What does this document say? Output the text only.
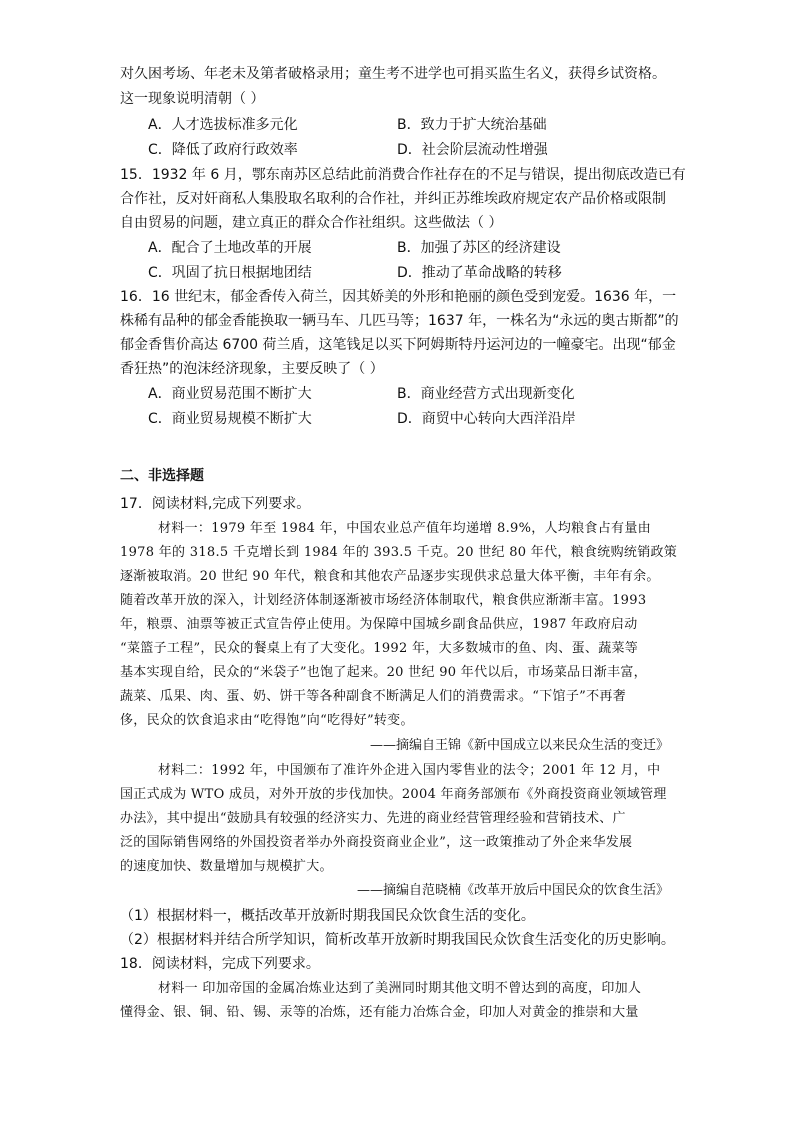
对久困考场、年老未及第者破格录用；童生考不进学也可捐买监生名义，获得乡试资格。
这一现象说明清朝（ ）
A．人才选拔标准多元化	B．致力于扩大统治基础
C．降低了政府行政效率	D．社会阶层流动性增强
15．1932 年 6 月，鄂东南苏区总结此前消费合作社存在的不足与错误，提出彻底改造已有
合作社，反对奸商私人集股取名取利的合作社，并纠正苏维埃政府规定农产品价格或限制
自由贸易的问题，建立真正的群众合作社组织。这些做法（ ）
A．配合了土地改革的开展	B．加强了苏区的经济建设
C．巩固了抗日根据地团结	D．推动了革命战略的转移
16．16 世纪末，郁金香传入荷兰，因其娇美的外形和艳丽的颜色受到宠爱。1636 年，一
株稀有品种的郁金香能换取一辆马车、几匹马等；1637 年，一株名为“永远的奥古斯都”的
郁金香售价高达 6700 荷兰盾，这笔钱足以买下阿姆斯特丹运河边的一幢豪宅。出现“郁金
香狂热”的泡沫经济现象，主要反映了（ ）
A．商业贸易范围不断扩大	B．商业经营方式出现新变化
C．商业贸易规模不断扩大	D．商贸中心转向大西洋沿岸
二、非选择题
17．阅读材料,完成下列要求。
材料一：1979 年至 1984 年，中国农业总产值年均递增 8.9%，人均粮食占有量由
1978 年的 318.5 千克增长到 1984 年的 393.5 千克。20 世纪 80 年代，粮食统购统销政策
逐渐被取消。20 世纪 90 年代，粮食和其他农产品逐步实现供求总量大体平衡，丰年有余。
随着改革开放的深入，计划经济体制逐渐被市场经济体制取代，粮食供应渐渐丰富。1993
年，粮票、油票等被正式宣告停止使用。为保障中国城乡副食品供应，1987 年政府启动
“菜篮子工程”，民众的餐桌上有了大变化。1992 年，大多数城市的鱼、肉、蛋、蔬菜等
基本实现自给，民众的“米袋子”也饱了起来。20 世纪 90 年代以后，市场菜品日渐丰富，
蔬菜、瓜果、肉、蛋、奶、饼干等各种副食不断满足人们的消费需求。“下馆子”不再奢
侈，民众的饮食追求由“吃得饱”向“吃得好”转变。
——摘编自王锦《新中国成立以来民众生活的变迁》
材料二：1992 年，中国颁布了准许外企进入国内零售业的法令；2001 年 12 月，中
国正式成为 WTO 成员，对外开放的步伐加快。2004 年商务部颁布《外商投资商业领域管理
办法》，其中提出“鼓励具有较强的经济实力、先进的商业经营管理经验和营销技术、广
泛的国际销售网络的外国投资者举办外商投资商业企业”，这一政策推动了外企来华发展
的速度加快、数量增加与规模扩大。
——摘编自范晓楠《改革开放后中国民众的饮食生活》
（1）根据材料一，概括改革开放新时期我国民众饮食生活的变化。
（2）根据材料并结合所学知识，简析改革开放新时期我国民众饮食生活变化的历史影响。
18．阅读材料，完成下列要求。
材料一 印加帝国的金属冶炼业达到了美洲同时期其他文明不曾达到的高度，印加人
懂得金、银、铜、铅、锡、汞等的冶炼，还有能力冶炼合金，印加人对黄金的推崇和大量
